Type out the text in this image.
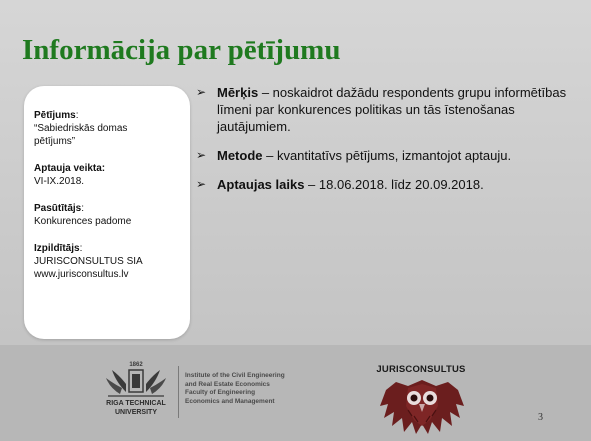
Informācija par pētījumu
Pētījums:
“Sabiedriskās domas
pētījums”
Aptauja veikta:
VI-IX.2018.
Pasūtītājs:
Konkurences padome
Izpildītājs:
JURISCONSULTUS SIA
www.jurisconsultus.lv
➢ Mērķis – noskaidrot dažādu respondents grupu informētības līmeni par konkurences politikas un tās īstenošanas jautājumiem.
➢ Metode – kvantitatīvs pētījums, izmantojot aptauju.
➢ Aptaujas laiks – 18.06.2018. līdz 20.09.2018.
1862
RIGA TECHNICAL
UNIVERSITY
Institute of the Civil Engineering
and Real Estate Economics
Faculty of Engineering
Economics and Management
JURISCONSULTUS
3
